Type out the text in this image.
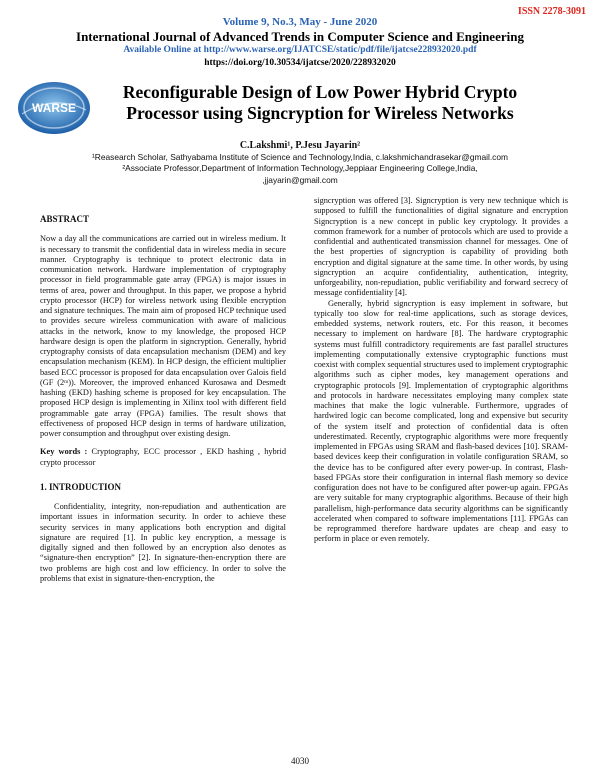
ISSN 2278-3091
Volume 9, No.3, May - June 2020
International Journal of Advanced Trends in Computer Science and Engineering
Available Online at http://www.warse.org/IJATCSE/static/pdf/file/ijatcse228932020.pdf
https://doi.org/10.30534/ijatcse/2020/228932020
WARSE
Reconfigurable Design of Low Power Hybrid Crypto
Processor using Signcryption for Wireless Networks
C.Lakshmi¹, P.Jesu Jayarin²
¹Reasearch Scholar, Sathyabama Institute of Science and Technology,India, c.lakshmichandrasekar@gmail.com
²Associate Professor,Department of Information Technology,Jeppiaar Engineering College,India,
,jjayarin@gmail.com

ABSTRACT

Now a day all the communications are carried out in wireless medium. It is necessary to transmit the confidential data in wireless media in secure manner. Cryptography is technique to protect electronic data in communication network. Hardware implementation of cryptography processor in field programmable gate array (FPGA) is major issues in terms of area, power and throughput. In this paper, we propose a hybrid crypto processor (HCP) for wireless network using flexible encryption and signature techniques. The main aim of proposed HCP technique used to provides secure wireless communication with aware of malicious attacks in the network, know to my knowledge, the proposed HCP hardware design is open the platform in signcryption. Generally, hybrid cryptography consists of data encapsulation mechanism (DEM) and key encapsulation mechanism (KEM). In HCP design, the efficient multiplier based ECC processor is proposed for data encapsulation over Galois field (GF (2ᵐ)). Moreover, the improved enhanced Kurosawa and Desmedt hashing (EKD) hashing scheme is proposed for key encapsulation. The proposed HCP design is implementing in Xilinx tool with different field programmable gate array (FPGA) families. The result shows that effectiveness of proposed HCP design in terms of hardware utilization, power consumption and throughput over existing design.

Key words : Cryptography, ECC processor , EKD hashing , hybrid crypto processor

1. INTRODUCTION

Confidentiality, integrity, non-repudiation and authentication are important issues in information security. In order to achieve these security services in many applications both encryption and digital signature are required [1]. In public key encryption, a message is digitally signed and then followed by an encryption also denotes as “signature-then encryption” [2]. In signature-then-encryption there are two problems are high cost and low efficiency. In order to solve the problems that exist in signature-then-encryption, the

signcryption was offered [3]. Signcryption is very new technique which is supposed to fulfill the functionalities of digital signature and encryption Signcryption is a new concept in public key cryptology. It provides a common framework for a number of protocols which are used to provide a confidential and authenticated transmission channel for messages. One of the best properties of signcryption is capability of providing both encryption and digital signature at the same time. In other words, by using signcryption an acquire confidentiality, authentication, integrity, unforgeability, non-repudiation, public verifiability and forward secrecy of message confidentiality [4].

Generally, hybrid signcryption is easy implement in software, but typically too slow for real-time applications, such as storage devices, embedded systems, network routers, etc. For this reason, it becomes necessary to implement on hardware [8]. The hardware cryptographic systems must fulfill contradictory requirements are fast parallel structures implementing computationally extensive cryptographic functions must coexist with complex sequential structures used to implement cryptographic algorithms such as cipher modes, key management operations and cryptographic protocols [9]. Implementation of cryptographic algorithms and protocols in hardware necessitates employing many complex state machines that make the logic vulnerable. Furthermore, upgrades of hardwired logic can become complicated, long and expensive but security of the system itself and protection of confidential data is often underestimated. Recently, cryptographic algorithms were more frequently implemented in FPGAs using SRAM and flash-based devices [10]. SRAM-based devices keep their configuration in volatile configuration SRAM, so the device has to be configured after every power-up. In contrast, Flash-based FPGAs store their configuration in internal flash memory so device configuration does not have to be configured after power-up again. FPGAs are very suitable for many cryptographic algorithms. Because of their high parallelism, high-performance data security algorithms can be significantly accelerated when compared to software implementations [11]. FPGAs can be reprogrammed therefore hardware updates are cheap and easy to perform in place or even remotely.

4030
